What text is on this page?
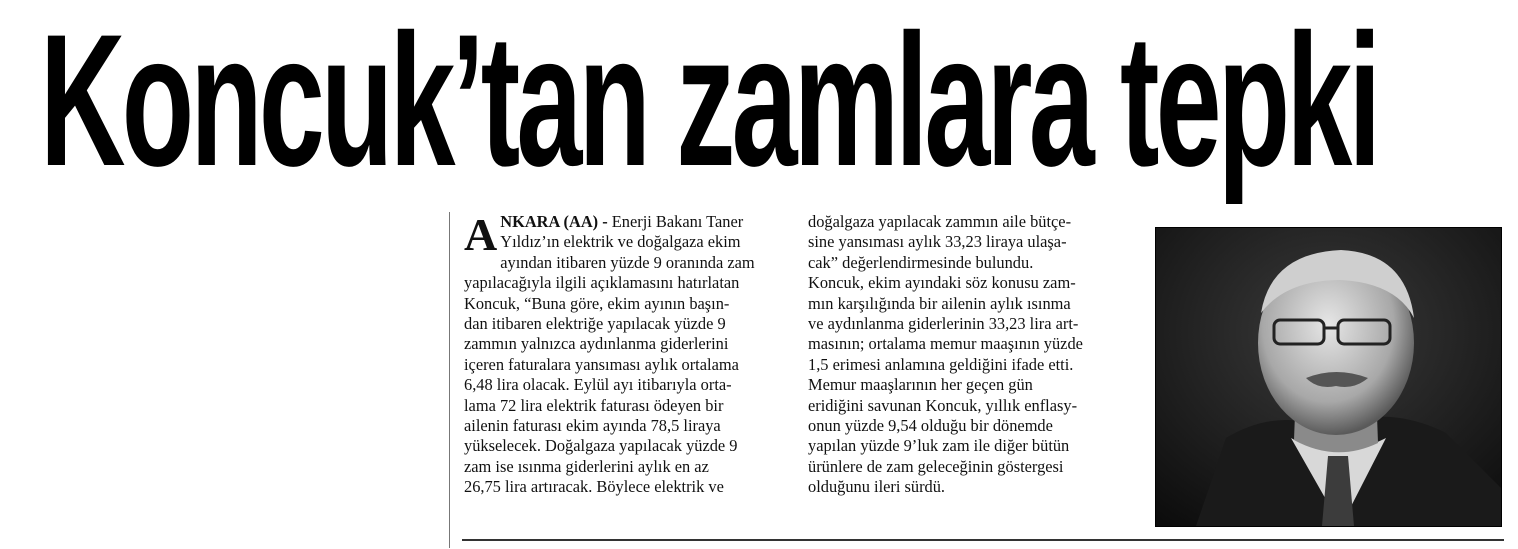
Koncuk’tan zamlara tepki

A NKARA (AA) - Enerji Bakanı Taner
Yıldız’ın elektrik ve doğalgaza ekim
ayından itibaren yüzde 9 oranında zam
yapılacağıyla ilgili açıklamasını hatırlatan
Koncuk, “Buna göre, ekim ayının başın-
dan itibaren elektriğe yapılacak yüzde 9
zammın yalnızca aydınlanma giderlerini
içeren faturalara yansıması aylık ortalama
6,48 lira olacak. Eylül ayı itibarıyla orta-
lama 72 lira elektrik faturası ödeyen bir
ailenin faturası ekim ayında 78,5 liraya
yükselecek. Doğalgaza yapılacak yüzde 9
zam ise ısınma giderlerini aylık en az
26,75 lira artıracak. Böylece elektrik ve

doğalgaza yapılacak zammın aile bütçe-
sine yansıması aylık 33,23 liraya ulaşa-
cak” değerlendirmesinde bulundu.
Koncuk, ekim ayındaki söz konusu zam-
mın karşılığında bir ailenin aylık ısınma
ve aydınlanma giderlerinin 33,23 lira art-
masının; ortalama memur maaşının yüzde
1,5 erimesi anlamına geldiğini ifade etti.
Memur maaşlarının her geçen gün
eridiğini savunan Koncuk, yıllık enflasy-
onun yüzde 9,54 olduğu bir dönemde
yapılan yüzde 9’luk zam ile diğer bütün
ürünlere de zam geleceğinin göstergesi
olduğunu ileri sürdü.
